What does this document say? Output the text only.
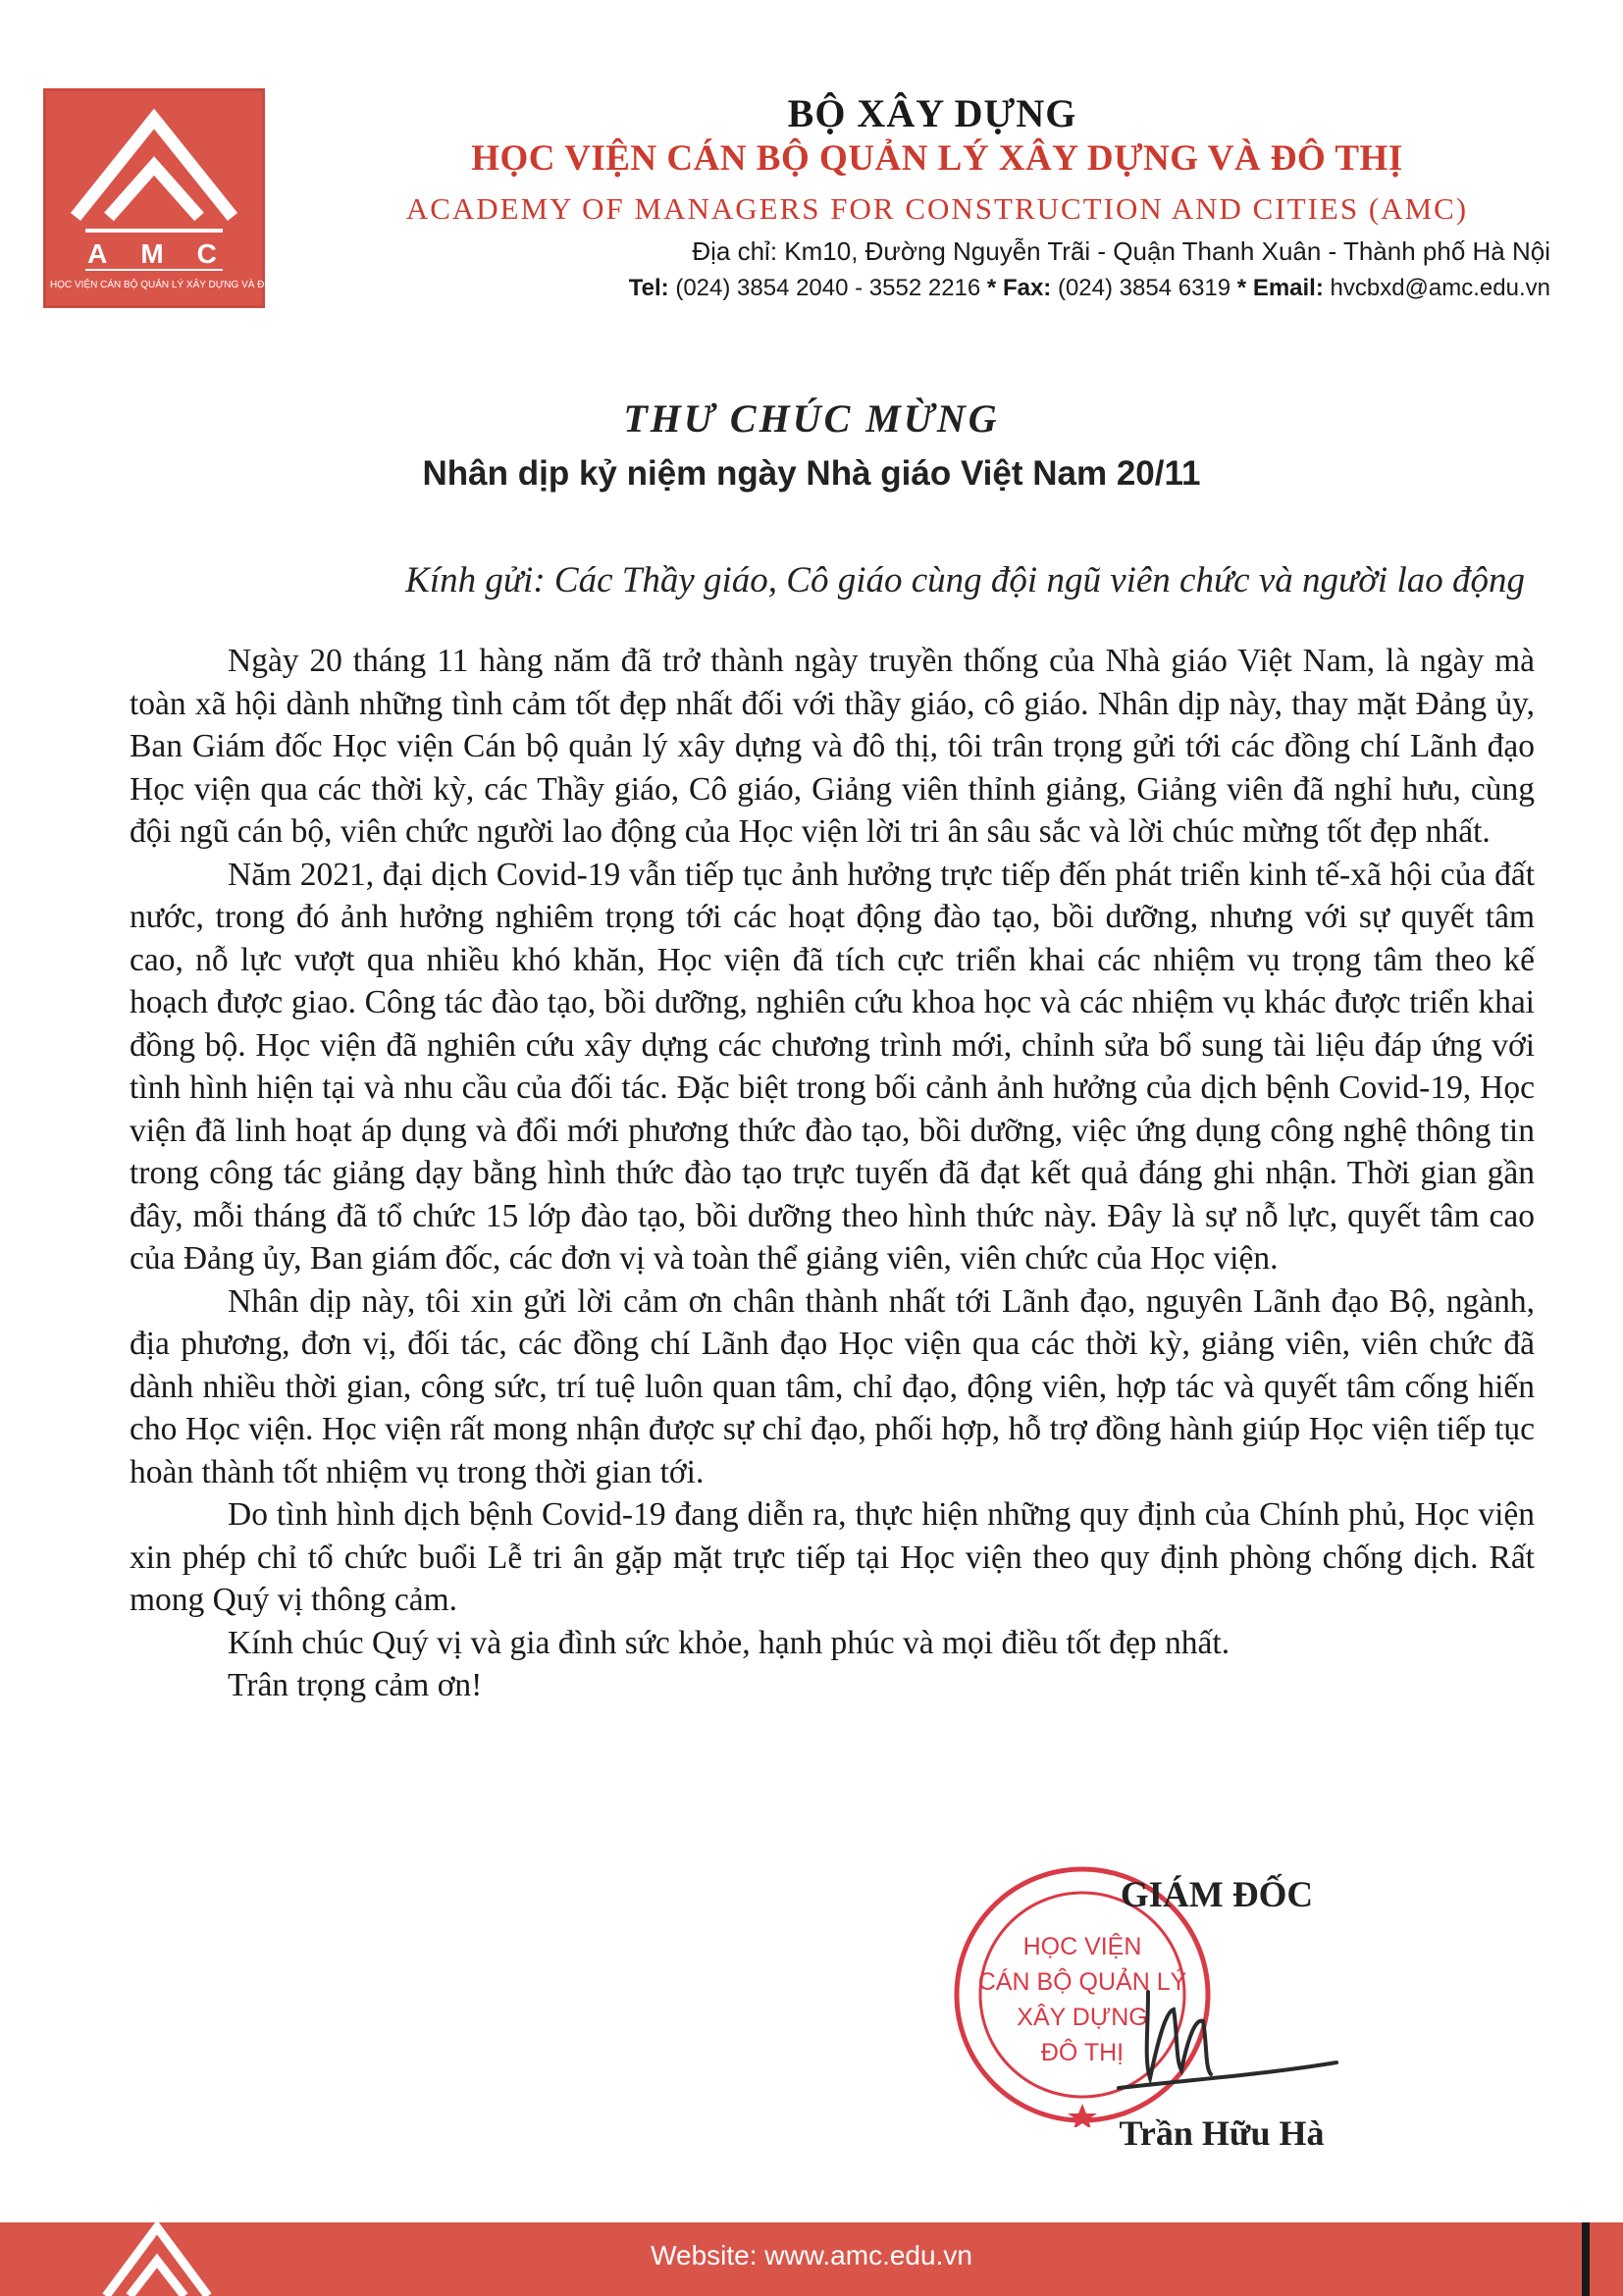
AMC
HỌC VIỆN CÁN BỘ QUẢN LÝ XÂY DỰNG VÀ ĐÔ THỊ
BỘ XÂY DỰNG
HỌC VIỆN CÁN BỘ QUẢN LÝ XÂY DỰNG VÀ ĐÔ THỊ
ACADEMY OF MANAGERS FOR CONSTRUCTION AND CITIES (AMC)
Địa chỉ: Km10, Đường Nguyễn Trãi - Quận Thanh Xuân - Thành phố Hà Nội
Tel: (024) 3854 2040 - 3552 2216 * Fax: (024) 3854 6319 * Email: hvcbxd@amc.edu.vn
THƯ CHÚC MỪNG
Nhân dịp kỷ niệm ngày Nhà giáo Việt Nam 20/11
Kính gửi: Các Thầy giáo, Cô giáo cùng đội ngũ viên chức và người lao động

Ngày 20 tháng 11 hàng năm đã trở thành ngày truyền thống của Nhà giáo Việt Nam, là ngày mà toàn xã hội dành những tình cảm tốt đẹp nhất đối với thầy giáo, cô giáo. Nhân dịp này, thay mặt Đảng ủy, Ban Giám đốc Học viện Cán bộ quản lý xây dựng và đô thị, tôi trân trọng gửi tới các đồng chí Lãnh đạo Học viện qua các thời kỳ, các Thầy giáo, Cô giáo, Giảng viên thỉnh giảng, Giảng viên đã nghỉ hưu, cùng đội ngũ cán bộ, viên chức người lao động của Học viện lời tri ân sâu sắc và lời chúc mừng tốt đẹp nhất.

Năm 2021, đại dịch Covid-19 vẫn tiếp tục ảnh hưởng trực tiếp đến phát triển kinh tế-xã hội của đất nước, trong đó ảnh hưởng nghiêm trọng tới các hoạt động đào tạo, bồi dưỡng, nhưng với sự quyết tâm cao, nỗ lực vượt qua nhiều khó khăn, Học viện đã tích cực triển khai các nhiệm vụ trọng tâm theo kế hoạch được giao. Công tác đào tạo, bồi dưỡng, nghiên cứu khoa học và các nhiệm vụ khác được triển khai đồng bộ. Học viện đã nghiên cứu xây dựng các chương trình mới, chỉnh sửa bổ sung tài liệu đáp ứng với tình hình hiện tại và nhu cầu của đối tác. Đặc biệt trong bối cảnh ảnh hưởng của dịch bệnh Covid-19, Học viện đã linh hoạt áp dụng và đổi mới phương thức đào tạo, bồi dưỡng, việc ứng dụng công nghệ thông tin trong công tác giảng dạy bằng hình thức đào tạo trực tuyến đã đạt kết quả đáng ghi nhận. Thời gian gần đây, mỗi tháng đã tổ chức 15 lớp đào tạo, bồi dưỡng theo hình thức này. Đây là sự nỗ lực, quyết tâm cao của Đảng ủy, Ban giám đốc, các đơn vị và toàn thể giảng viên, viên chức của Học viện.

Nhân dịp này, tôi xin gửi lời cảm ơn chân thành nhất tới Lãnh đạo, nguyên Lãnh đạo Bộ, ngành, địa phương, đơn vị, đối tác, các đồng chí Lãnh đạo Học viện qua các thời kỳ, giảng viên, viên chức đã dành nhiều thời gian, công sức, trí tuệ luôn quan tâm, chỉ đạo, động viên, hợp tác và quyết tâm cống hiến cho Học viện. Học viện rất mong nhận được sự chỉ đạo, phối hợp, hỗ trợ đồng hành giúp Học viện tiếp tục hoàn thành tốt nhiệm vụ trong thời gian tới.

Do tình hình dịch bệnh Covid-19 đang diễn ra, thực hiện những quy định của Chính phủ, Học viện xin phép chỉ tổ chức buổi Lễ tri ân gặp mặt trực tiếp tại Học viện theo quy định phòng chống dịch. Rất mong Quý vị thông cảm.

Kính chúc Quý vị và gia đình sức khỏe, hạnh phúc và mọi điều tốt đẹp nhất.

Trân trọng cảm ơn!

HỌC VIỆN
CÁN BỘ QUẢN LÝ
XÂY DỰNG
ĐÔ THỊ
GIÁM ĐỐC
Trần Hữu Hà
Website: www.amc.edu.vn
